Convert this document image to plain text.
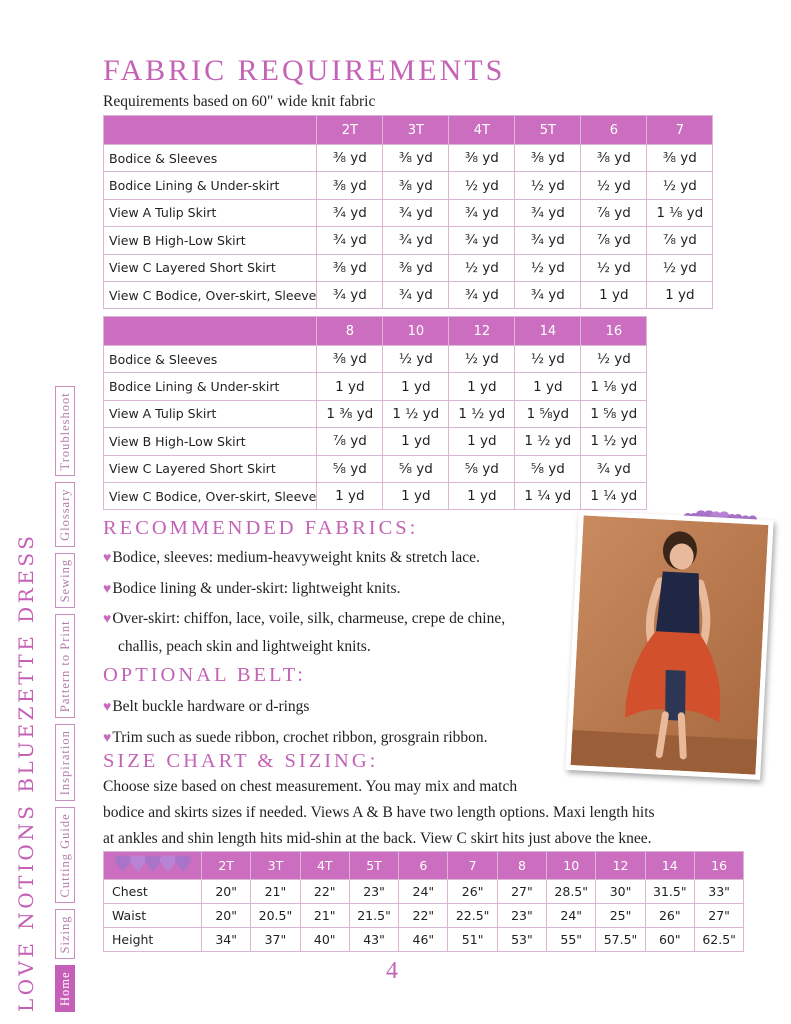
LOVE NOTIONS BLUEZETTE DRESS Home
Sizing
Cutting Guide
Inspiration
Pattern to Print
Sewing
Glossary
Troubleshoot
FABRIC REQUIREMENTS
Requirements based on 60" wide knit fabric
	2T	3T	4T	5T	6	7
Bodice & Sleeves	⅜ yd	⅜ yd	⅜ yd	⅜ yd	⅜ yd	⅜ yd
Bodice Lining & Under-skirt	⅜ yd	⅜ yd	½ yd	½ yd	½ yd	½ yd
View A Tulip Skirt	¾ yd	¾ yd	¾ yd	¾ yd	⅞ yd	1 ⅛ yd
View B High-Low Skirt	¾ yd	¾ yd	¾ yd	¾ yd	⅞ yd	⅞ yd
View C Layered Short Skirt	⅜ yd	⅜ yd	½ yd	½ yd	½ yd	½ yd
View C Bodice, Over-skirt, Sleeve	¾ yd	¾ yd	¾ yd	¾ yd	1 yd	1 yd
	8	10	12	14	16
Bodice & Sleeves	⅜ yd	½ yd	½ yd	½ yd	½ yd
Bodice Lining & Under-skirt	1 yd	1 yd	1 yd	1 yd	1 ⅛ yd
View A Tulip Skirt	1 ⅜ yd	1 ½ yd	1 ½ yd	1 ⅝yd	1 ⅝ yd
View B High-Low Skirt	⅞ yd	1 yd	1 yd	1 ½ yd	1 ½ yd
View C Layered Short Skirt	⅝ yd	⅝ yd	⅝ yd	⅝ yd	¾ yd
View C Bodice, Over-skirt, Sleeve	1 yd	1 yd	1 yd	1 ¼ yd	1 ¼ yd
RECOMMENDED FABRICS:
♥Bodice, sleeves: medium-heavyweight knits & stretch lace.
♥Bodice lining & under-skirt: lightweight knits.
♥Over-skirt: chiffon, lace, voile, silk, charmeuse, crepe de chine,
challis, peach skin and lightweight knits.
OPTIONAL BELT:
♥Belt buckle hardware or d-rings
♥Trim such as suede ribbon, crochet ribbon, grosgrain ribbon.
SIZE CHART & SIZING:
Choose size based on chest measurement. You may mix and match
bodice and skirts sizes if needed. Views A & B have two length options. Maxi length hits
at ankles and shin length hits mid-shin at the back. View C skirt hits just above the knee.
	2T	3T	4T	5T	6	7	8	10	12	14	16
Chest	20"	21"	22"	23"	24"	26"	27"	28.5"	30"	31.5"	33"
Waist	20"	20.5"	21"	21.5"	22"	22.5"	23"	24"	25"	26"	27"
Height	34"	37"	40"	43"	46"	51"	53"	55"	57.5"	60"	62.5"
4
